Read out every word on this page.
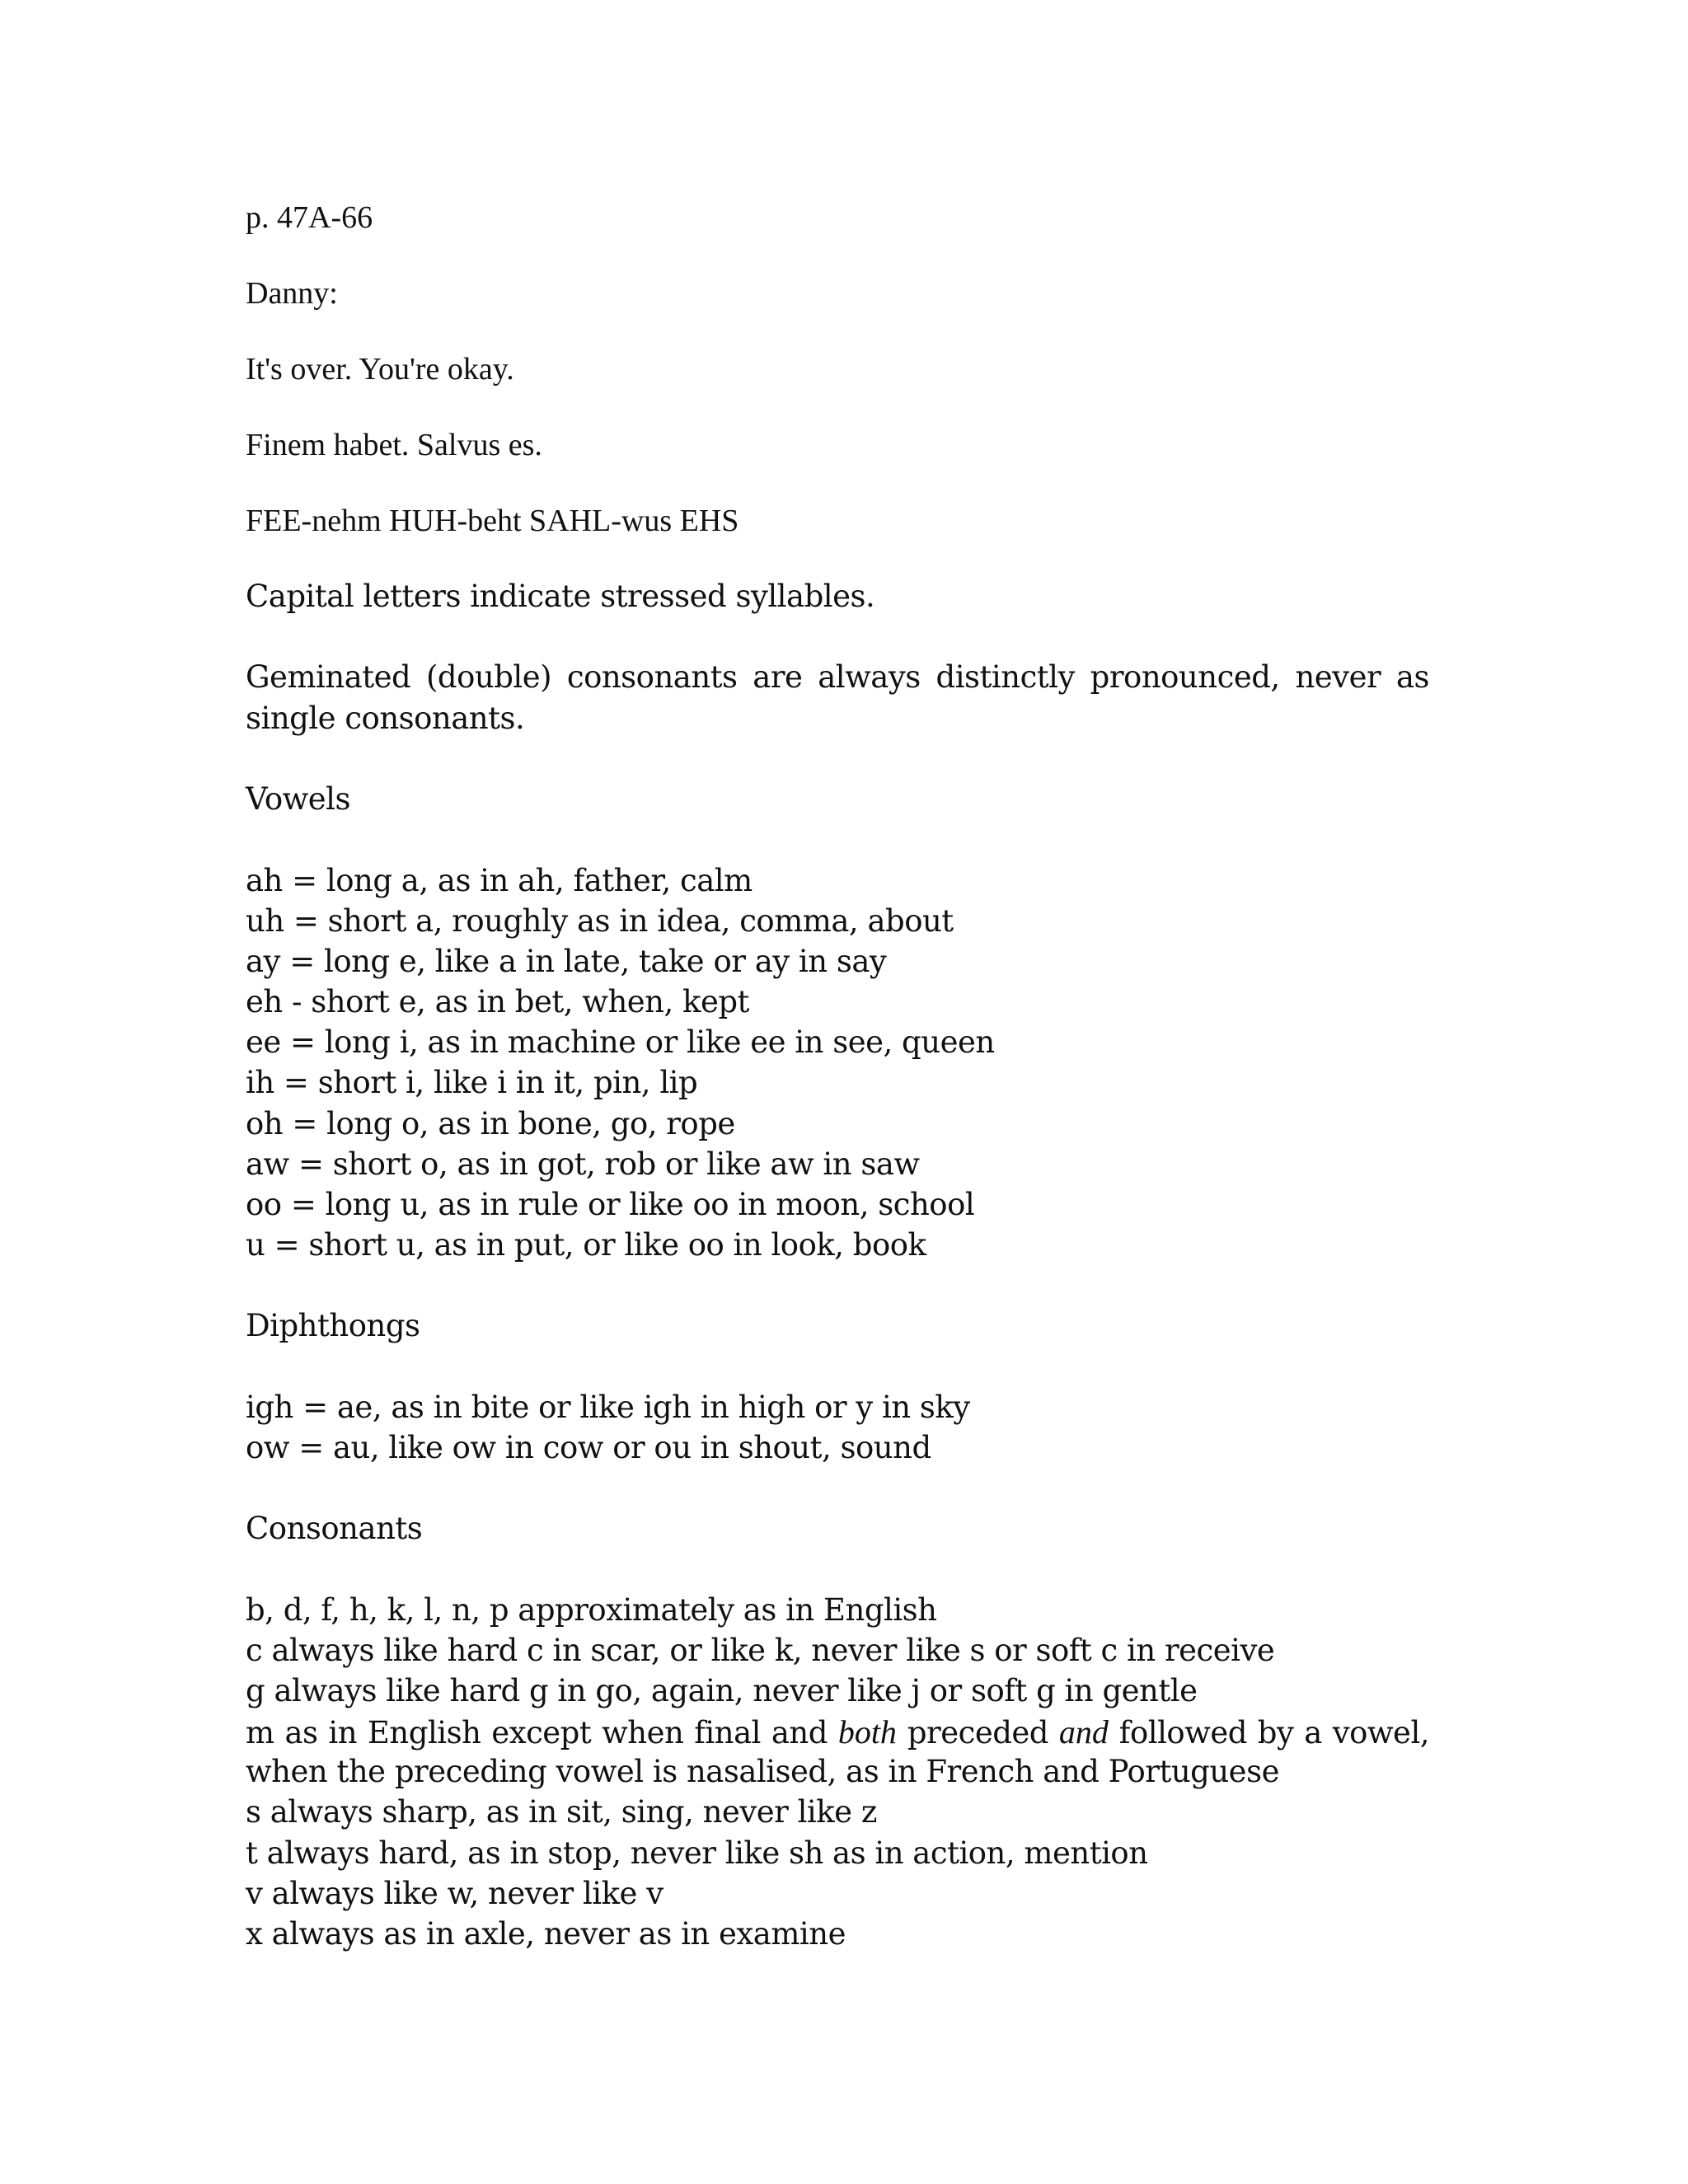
p. 47A-66
Danny:
It's over. You're okay.
Finem habet. Salvus es.
FEE-nehm HUH-beht SAHL-wus EHS
Capital letters indicate stressed syllables.
Geminated (double) consonants are always distinctly pronounced, never as
single consonants.
Vowels
ah = long a, as in ah, father, calm
uh = short a, roughly as in idea, comma, about
ay = long e, like a in late, take or ay in say
eh - short e, as in bet, when, kept
ee = long i, as in machine or like ee in see, queen
ih = short i, like i in it, pin, lip
oh = long o, as in bone, go, rope
aw = short o, as in got, rob or like aw in saw
oo = long u, as in rule or like oo in moon, school
u = short u, as in put, or like oo in look, book
Diphthongs
igh = ae, as in bite or like igh in high or y in sky
ow = au, like ow in cow or ou in shout, sound
Consonants
b, d, f, h, k, l, n, p approximately as in English
c always like hard c in scar, or like k, never like s or soft c in receive
g always like hard g in go, again, never like j or soft g in gentle
m as in English except when final and both preceded and followed by a vowel,
when the preceding vowel is nasalised, as in French and Portuguese
s always sharp, as in sit, sing, never like z
t always hard, as in stop, never like sh as in action, mention
v always like w, never like v
x always as in axle, never as in examine
